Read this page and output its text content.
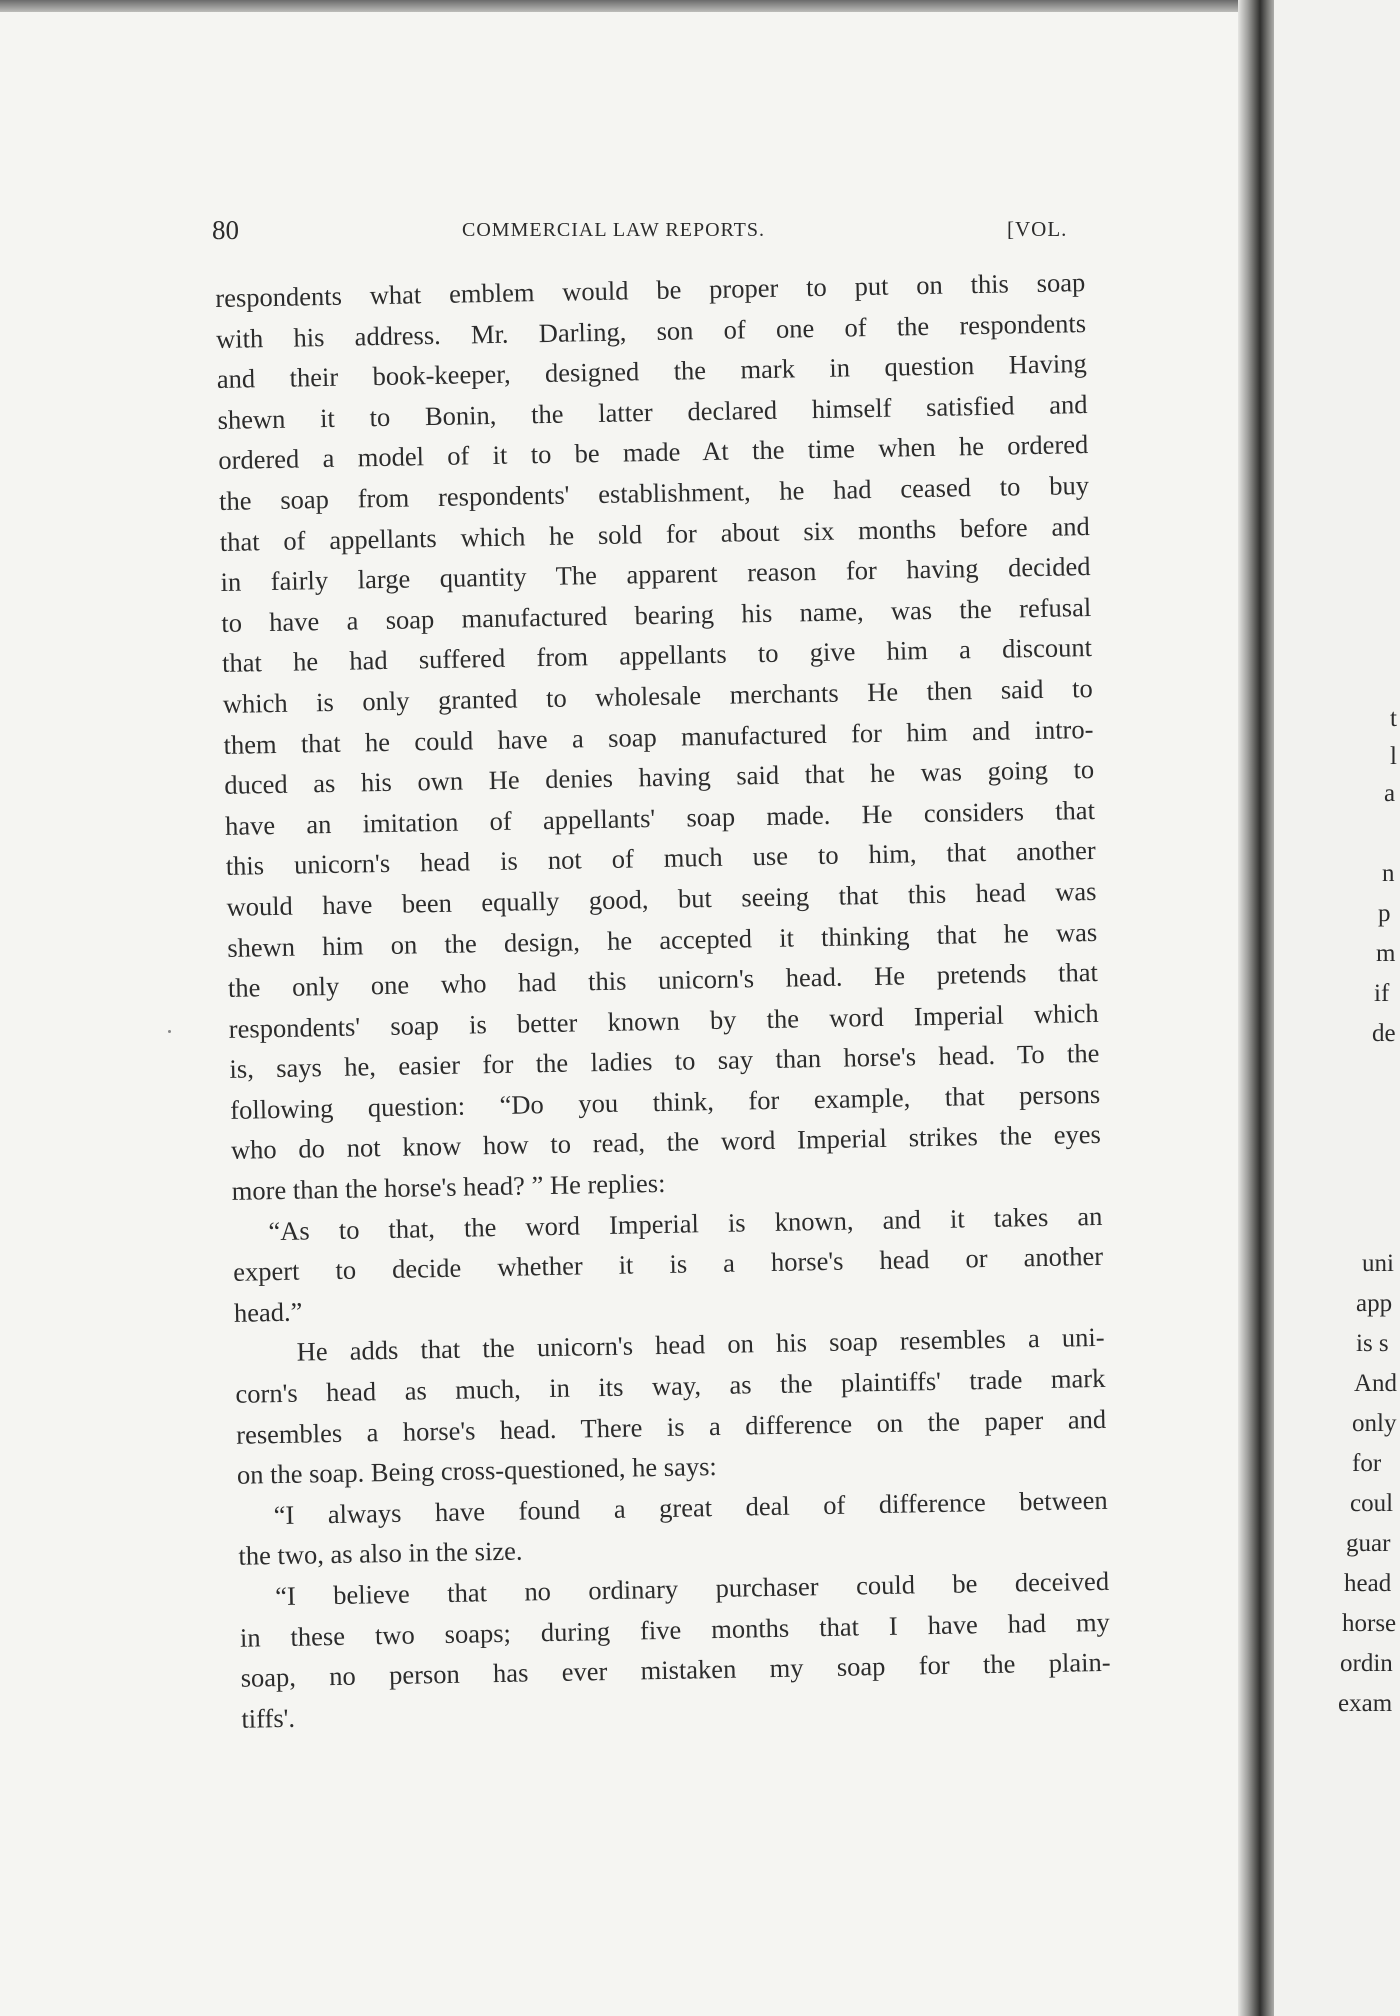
80	COMMERCIAL LAW REPORTS.	[VOL.

respondents what emblem would be proper to put on this soap
with his address. Mr. Darling, son of one of the respondents
and their book-keeper, designed the mark in question Having
shewn it to Bonin, the latter declared himself satisfied and
ordered a model of it to be made At the time when he ordered
the soap from respondents' establishment, he had ceased to buy
that of appellants which he sold for about six months before and
in fairly large quantity The apparent reason for having decided
to have a soap manufactured bearing his name, was the refusal
that he had suffered from appellants to give him a discount
which is only granted to wholesale merchants He then said to
them that he could have a soap manufactured for him and intro-
duced as his own He denies having said that he was going to
have an imitation of appellants' soap made. He considers that
this unicorn's head is not of much use to him, that another
would have been equally good, but seeing that this head was
shewn him on the design, he accepted it thinking that he was
the only one who had this unicorn's head. He pretends that
respondents' soap is better known by the word Imperial which
is, says he, easier for the ladies to say than horse's head. To the
following question: “Do you think, for example, that persons
who do not know how to read, the word Imperial strikes the eyes
more than the horse's head? ” He replies:

“As to that, the word Imperial is known, and it takes an
expert to decide whether it is a horse's head or another
head.”

He adds that the unicorn's head on his soap resembles a uni-
corn's head as much, in its way, as the plaintiffs' trade mark
resembles a horse's head. There is a difference on the paper and
on the soap. Being cross-questioned, he says:

“I always have found a great deal of difference between
the two, as also in the size.

“I believe that no ordinary purchaser could be deceived
in these two soaps; during five months that I have had my
soap, no person has ever mistaken my soap for the plain-
tiffs'.

t
l
a
n
p
m
if
de
uni
app
is s
And
only
for
coul
guar
head
horse
ordin
exam
